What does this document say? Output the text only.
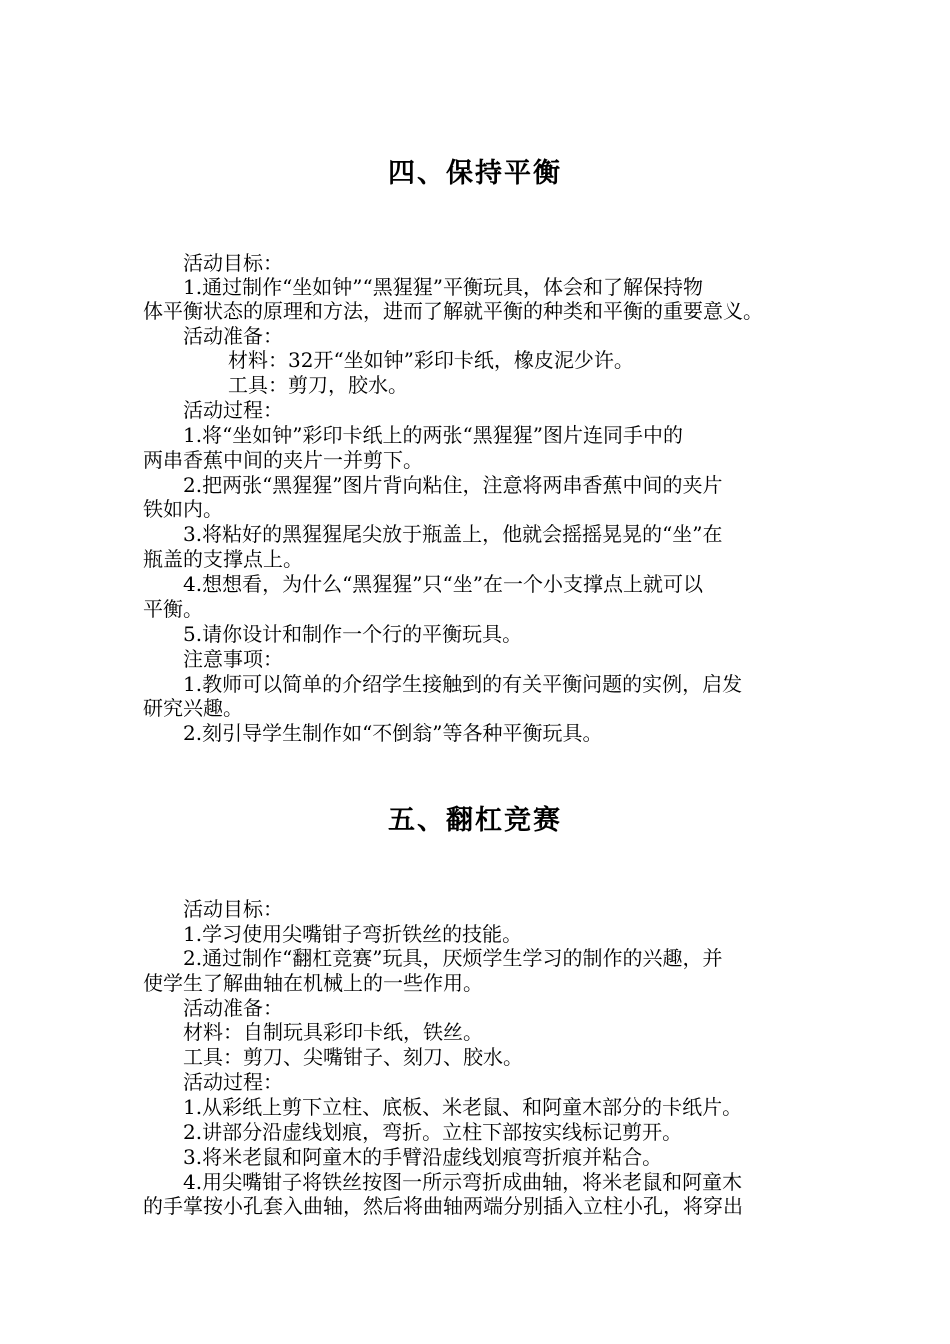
四、保持平衡
活动目标：
1.通过制作“坐如钟”“黑猩猩”平衡玩具，体会和了解保持物
体平衡状态的原理和方法，进而了解就平衡的种类和平衡的重要意义。
活动准备：
材料：32开“坐如钟”彩印卡纸，橡皮泥少许。
工具：剪刀，胶水。
活动过程：
1.将“坐如钟”彩印卡纸上的两张“黑猩猩”图片连同手中的
两串香蕉中间的夹片一并剪下。
2.把两张“黑猩猩”图片背向粘住，注意将两串香蕉中间的夹片
铁如内。
3.将粘好的黑猩猩尾尖放于瓶盖上，他就会摇摇晃晃的“坐”在
瓶盖的支撑点上。
4.想想看，为什么“黑猩猩”只“坐”在一个小支撑点上就可以
平衡。
5.请你设计和制作一个行的平衡玩具。
注意事项：
1.教师可以简单的介绍学生接触到的有关平衡问题的实例，启发
研究兴趣。
2.刻引导学生制作如“不倒翁”等各种平衡玩具。
五、翻杠竞赛
活动目标：
1.学习使用尖嘴钳子弯折铁丝的技能。
2.通过制作“翻杠竞赛”玩具，厌烦学生学习的制作的兴趣，并
使学生了解曲轴在机械上的一些作用。
活动准备：
材料：自制玩具彩印卡纸，铁丝。
工具：剪刀、尖嘴钳子、刻刀、胶水。
活动过程：
1.从彩纸上剪下立柱、底板、米老鼠、和阿童木部分的卡纸片。
2.讲部分沿虚线划痕，弯折。立柱下部按实线标记剪开。
3.将米老鼠和阿童木的手臂沿虚线划痕弯折痕并粘合。
4.用尖嘴钳子将铁丝按图一所示弯折成曲轴，将米老鼠和阿童木
的手掌按小孔套入曲轴，然后将曲轴两端分别插入立柱小孔，将穿出
